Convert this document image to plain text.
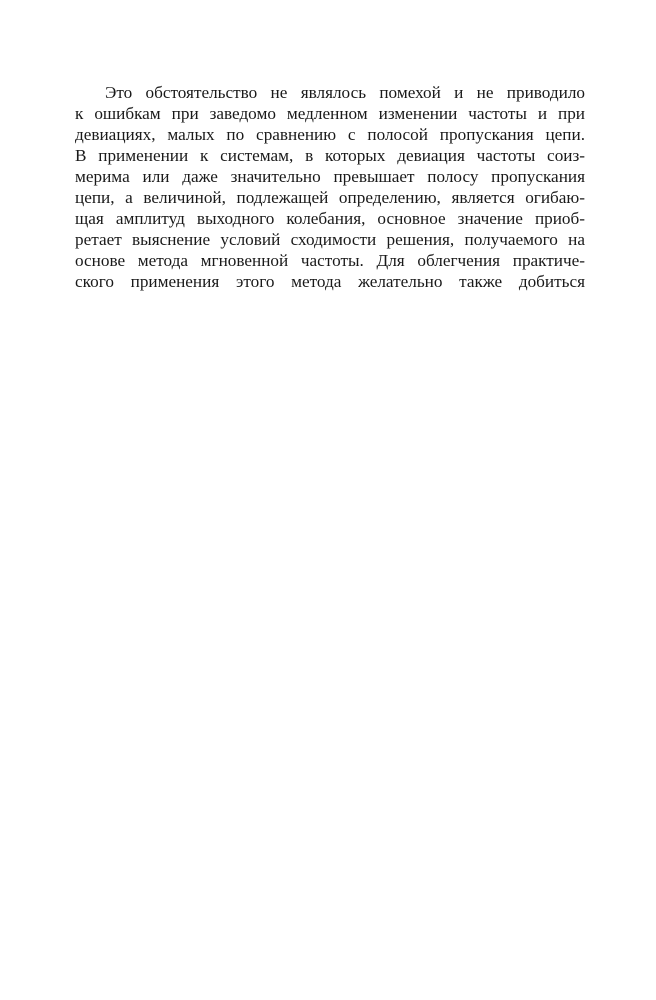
Это обстоятельство не являлось помехой и не приводило
к ошибкам при заведомо медленном изменении частоты и при
девиациях, малых по сравнению с полосой пропускания цепи.
В применении к системам, в которых девиация частоты соиз-
меримa или даже значительно превышает полосу пропускания
цепи, а величиной, подлежащей определению, является огибаю-
щая амплитуд выходного колебания, основное значение приоб-
ретает выяснение условий сходимости решения, получаемого на
основе метода мгновенной частоты. Для облегчения практиче-
ского применения этого метода желательно также добиться
